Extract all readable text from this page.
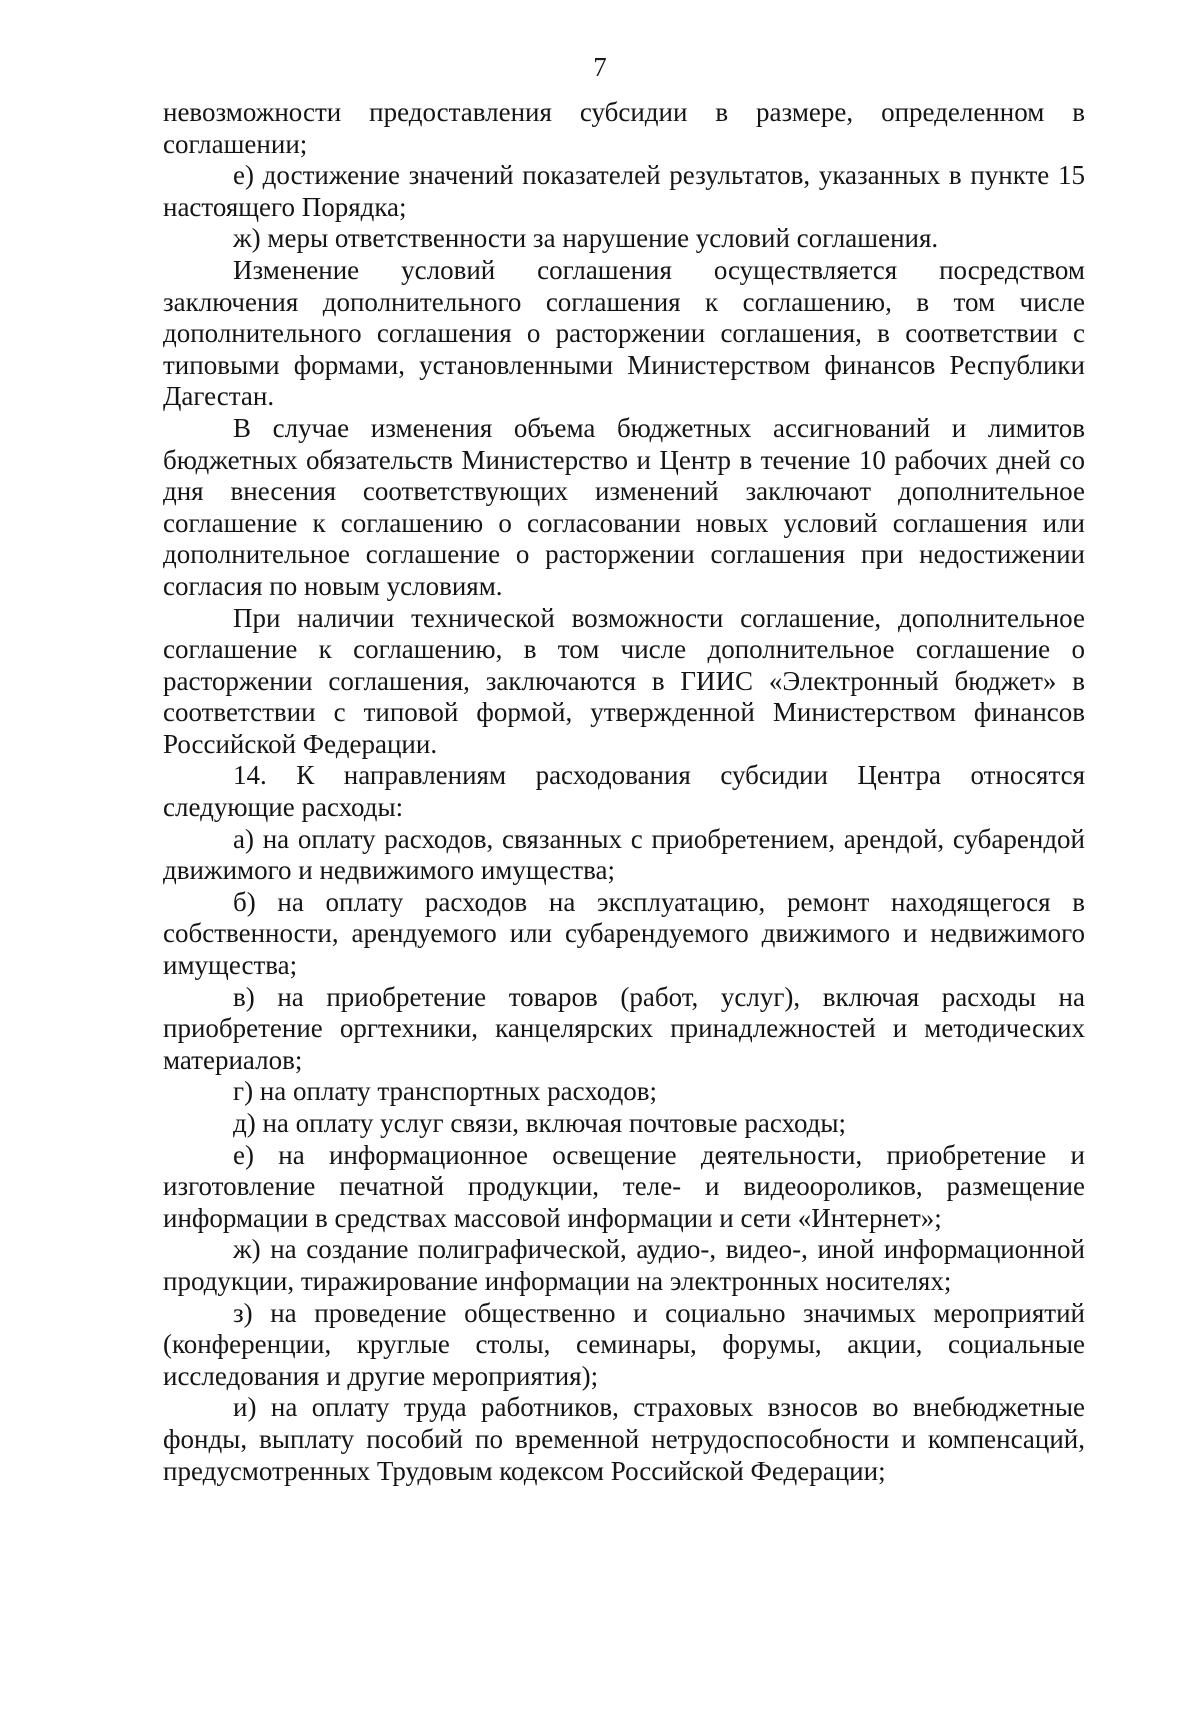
7

невозможности предоставления субсидии в размере, определенном в соглашении;

е) достижение значений показателей результатов, указанных в пункте 15 настоящего Порядка;

ж) меры ответственности за нарушение условий соглашения.

Изменение условий соглашения осуществляется посредством заключения дополнительного соглашения к соглашению, в том числе дополнительного соглашения о расторжении соглашения, в соответствии с типовыми формами, установленными Министерством финансов Республики Дагестан.

В случае изменения объема бюджетных ассигнований и лимитов бюджетных обязательств Министерство и Центр в течение 10 рабочих дней со дня внесения соответствующих изменений заключают дополнительное соглашение к соглашению о согласовании новых условий соглашения или дополнительное соглашение о расторжении соглашения при недостижении согласия по новым условиям.

При наличии технической возможности соглашение, дополнительное соглашение к соглашению, в том числе дополнительное соглашение о расторжении соглашения, заключаются в ГИИС «Электронный бюджет» в соответствии с типовой формой, утвержденной Министерством финансов Российской Федерации.

14. К направлениям расходования субсидии Центра относятся следующие расходы:

а) на оплату расходов, связанных с приобретением, арендой, субарендой движимого и недвижимого имущества;

б) на оплату расходов на эксплуатацию, ремонт находящегося в собственности, арендуемого или субарендуемого движимого и недвижимого имущества;

в) на приобретение товаров (работ, услуг), включая расходы на приобретение оргтехники, канцелярских принадлежностей и методических материалов;

г) на оплату транспортных расходов;

д) на оплату услуг связи, включая почтовые расходы;

е) на информационное освещение деятельности, приобретение и изготовление печатной продукции, теле- и видеоороликов, размещение информации в средствах массовой информации и сети «Интернет»;

ж) на создание полиграфической, аудио-, видео-, иной информационной продукции, тиражирование информации на электронных носителях;

з) на проведение общественно и социально значимых мероприятий (конференции, круглые столы, семинары, форумы, акции, социальные исследования и другие мероприятия);

и) на оплату труда работников, страховых взносов во внебюджетные фонды, выплату пособий по временной нетрудоспособности и компенсаций, предусмотренных Трудовым кодексом Российской Федерации;
